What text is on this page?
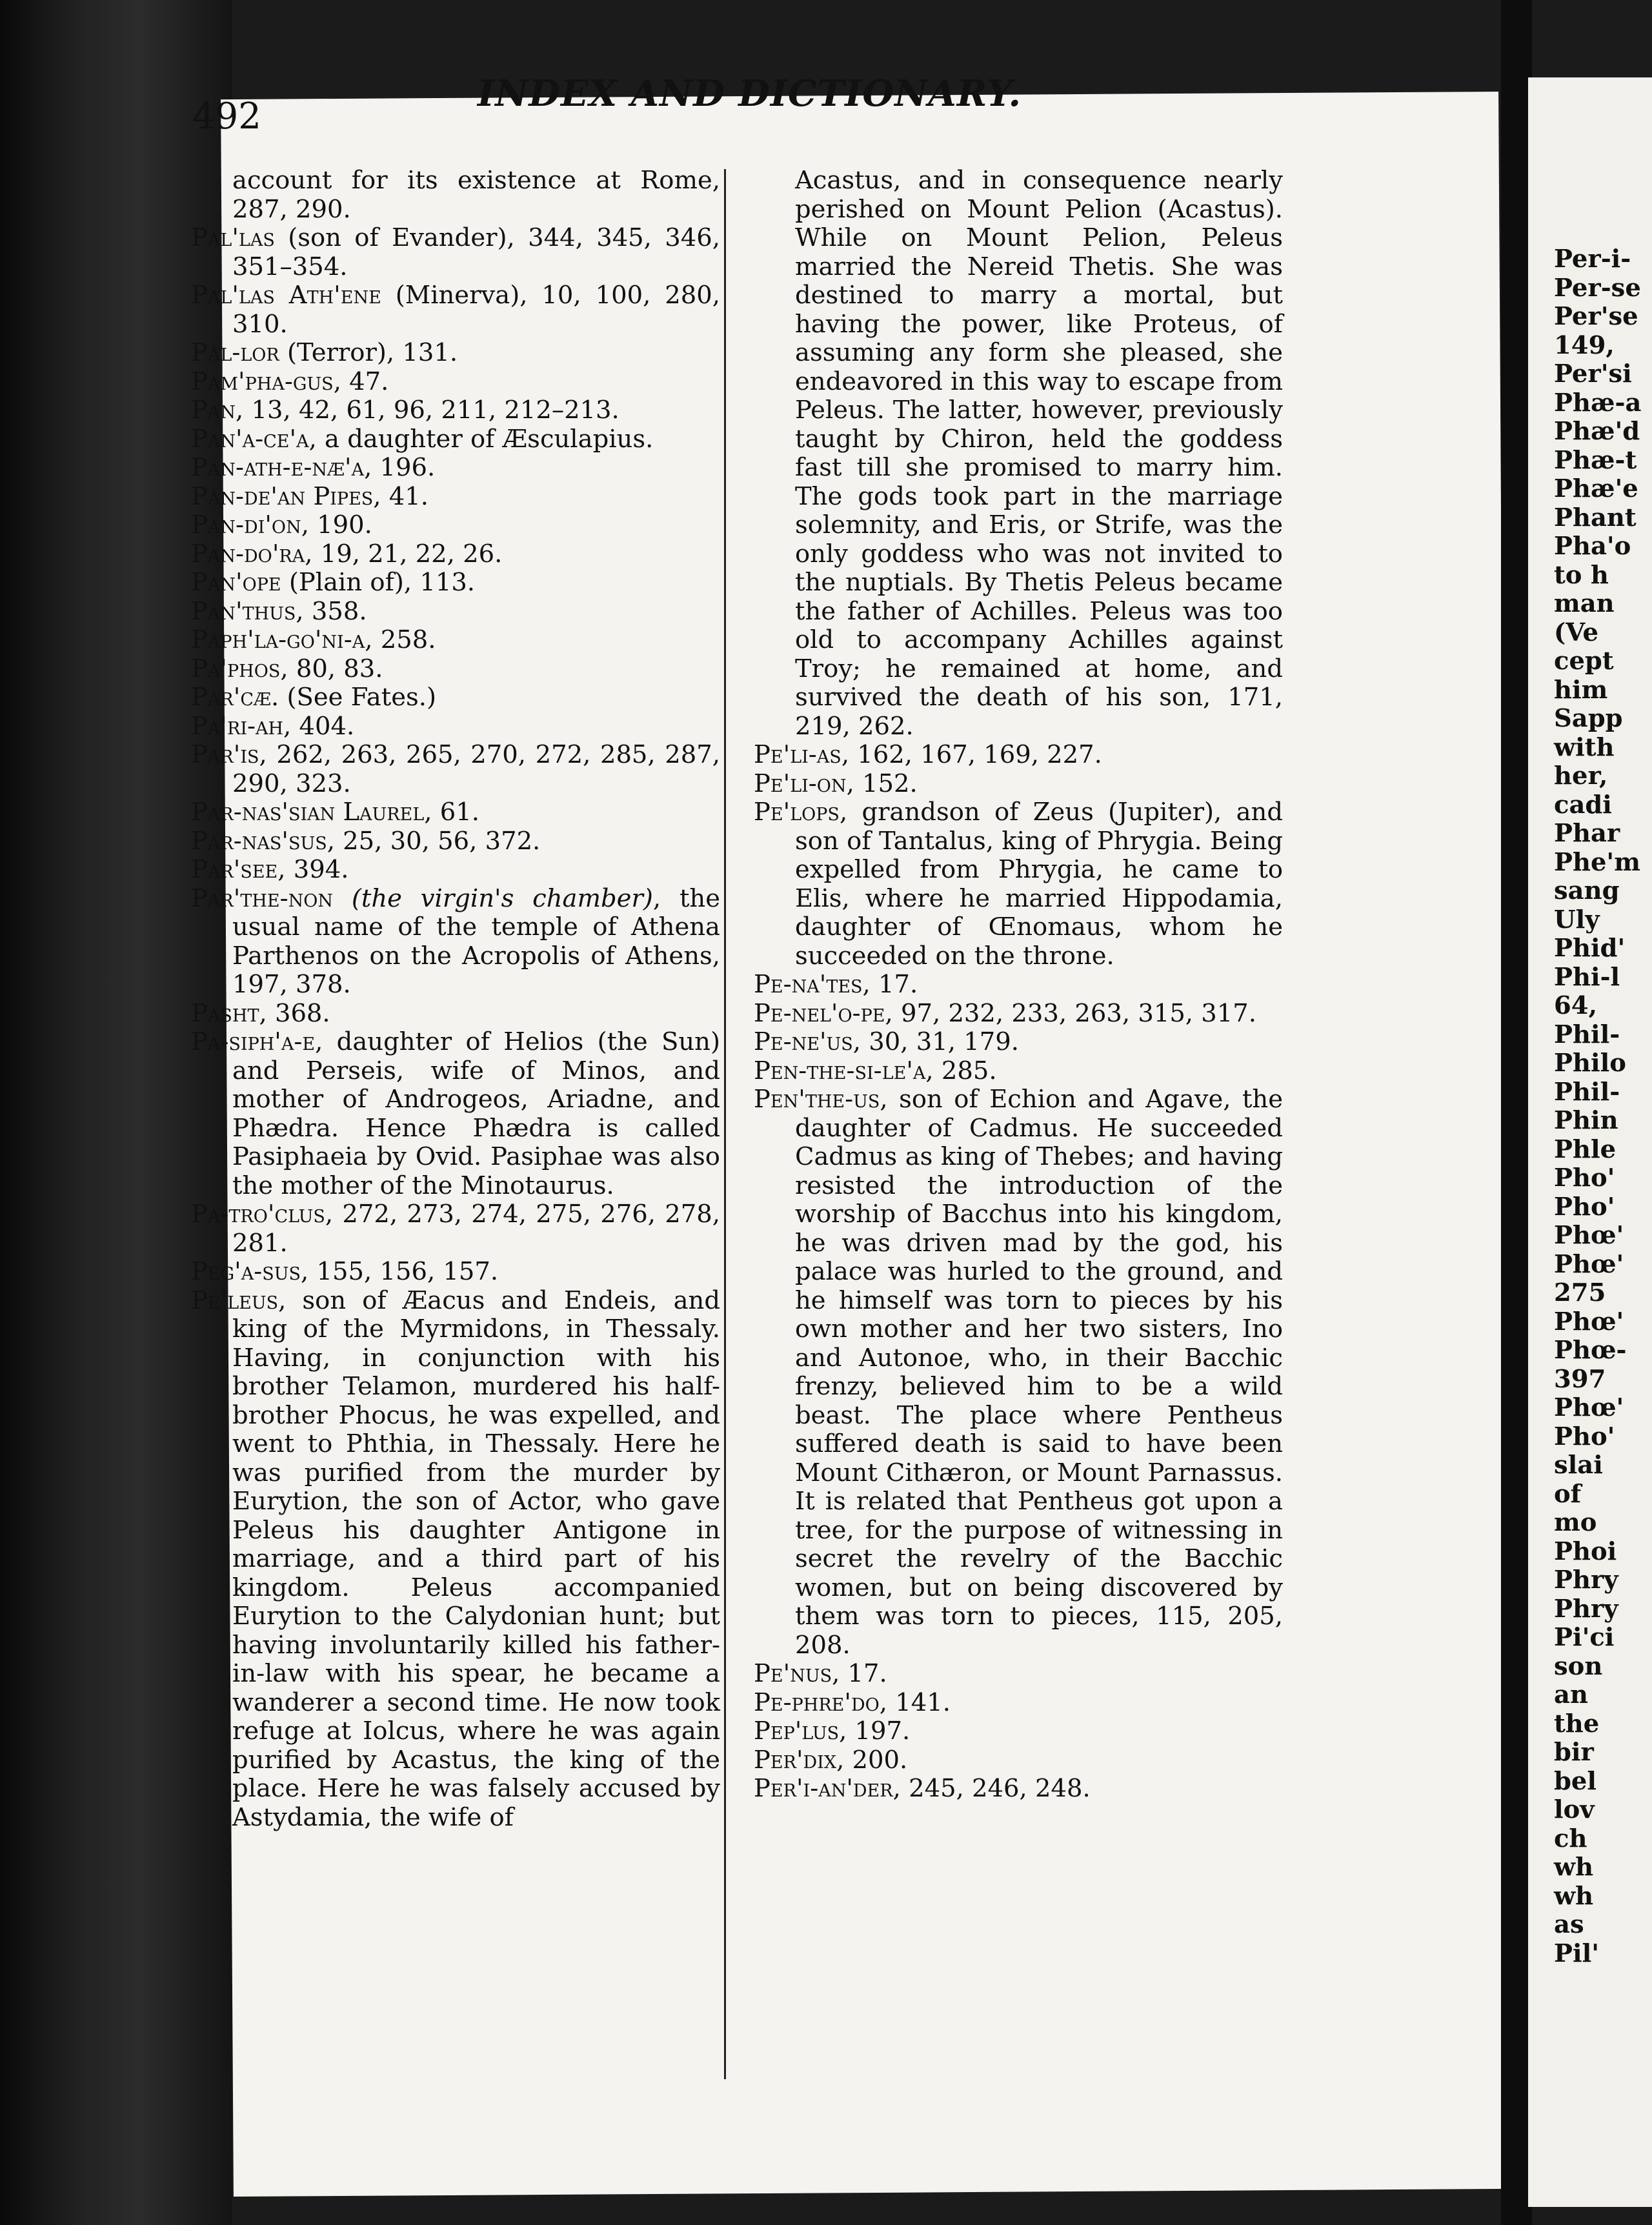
Per-i-
Per-se
Per'se
149,
Per'si
Phæ-a
Phæ'd
Phæ-t
Phæ'e
Phant
Pha'o
to h
man
(Ve
cept
him
Sapp
with
her,
cadi
Phar
Phe'm
sang
Uly
Phid'
Phi-l
64,
Phil-
Philo
Phil-
Phin
Phle
Pho'
Pho'
Phœ'
Phœ'
275
Phœ'
Phœ-
397
Phœ'
Pho'
slai
of
mo
Phoi
Phry
Phry
Pi'ci
son
an
the
bir
bel
lov
ch
wh
wh
as
Pil'
492
INDEX AND DICTIONARY.

account for its existence at Rome, 287, 290.

Pal'las (son of Evander), 344, 345, 346, 351–354.

Pal'las Ath'ene (Minerva), 10, 100, 280, 310.

Pal-lor (Terror), 131.

Pam'pha-gus, 47.

Pan, 13, 42, 61, 96, 211, 212–213.

Pan'a-ce'a, a daughter of Æsculapius.

Pan-ath-e-næ'a, 196.

Pan-de'an Pipes, 41.

Pan-di'on, 190.

Pan-do'ra, 19, 21, 22, 26.

Pan'ope (Plain of), 113.

Pan'thus, 358.

Paph'la-go'ni-a, 258.

Pa'phos, 80, 83.

Par'cæ. (See Fates.)

Pa'ri-ah, 404.

Par'is, 262, 263, 265, 270, 272, 285, 287, 290, 323.

Par-nas'sian Laurel, 61.

Par-nas'sus, 25, 30, 56, 372.

Par'see, 394.

Par'the-non (the virgin's chamber), the usual name of the temple of Athena Parthenos on the Acropolis of Athens, 197, 378.

Pasht, 368.

Pa-siph'a-e, daughter of Helios (the Sun) and Perseis, wife of Minos, and mother of Androgeos, Ariadne, and Phædra. Hence Phædra is called Pasiphaeia by Ovid. Pasiphae was also the mother of the Minotaurus.

Pa-tro'clus, 272, 273, 274, 275, 276, 278, 281.

Peg'a-sus, 155, 156, 157.

Pe'leus, son of Æacus and Endeis, and king of the Myrmidons, in Thessaly. Having, in conjunction with his brother Telamon, murdered his half-brother Phocus, he was expelled, and went to Phthia, in Thessaly. Here he was purified from the murder by Eurytion, the son of Actor, who gave Peleus his daughter Antigone in marriage, and a third part of his kingdom. Peleus accompanied Eurytion to the Calydonian hunt; but having involuntarily killed his father-in-law with his spear, he became a wanderer a second time. He now took refuge at Iolcus, where he was again purified by Acastus, the king of the place. Here he was falsely accused by Astydamia, the wife of

Acastus, and in consequence nearly perished on Mount Pelion (Acastus). While on Mount Pelion, Peleus married the Nereid Thetis. She was destined to marry a mortal, but having the power, like Proteus, of assuming any form she pleased, she endeavored in this way to escape from Peleus. The latter, however, previously taught by Chiron, held the goddess fast till she promised to marry him. The gods took part in the marriage solemnity, and Eris, or Strife, was the only goddess who was not invited to the nuptials. By Thetis Peleus became the father of Achilles. Peleus was too old to accompany Achilles against Troy; he remained at home, and survived the death of his son, 171, 219, 262.

Pe'li-as, 162, 167, 169, 227.

Pe'li-on, 152.

Pe'lops, grandson of Zeus (Jupiter), and son of Tantalus, king of Phrygia. Being expelled from Phrygia, he came to Elis, where he married Hippodamia, daughter of Œnomaus, whom he succeeded on the throne.

Pe-na'tes, 17.

Pe-nel'o-pe, 97, 232, 233, 263, 315, 317.

Pe-ne'us, 30, 31, 179.

Pen-the-si-le'a, 285.

Pen'the-us, son of Echion and Agave, the daughter of Cadmus. He succeeded Cadmus as king of Thebes; and having resisted the introduction of the worship of Bacchus into his kingdom, he was driven mad by the god, his palace was hurled to the ground, and he himself was torn to pieces by his own mother and her two sisters, Ino and Autonoe, who, in their Bacchic frenzy, believed him to be a wild beast. The place where Pentheus suffered death is said to have been Mount Cithæron, or Mount Parnassus. It is related that Pentheus got upon a tree, for the purpose of witnessing in secret the revelry of the Bacchic women, but on being discovered by them was torn to pieces, 115, 205, 208.

Pe'nus, 17.

Pe-phre'do, 141.

Pep'lus, 197.

Per'dix, 200.

Per'i-an'der, 245, 246, 248.
